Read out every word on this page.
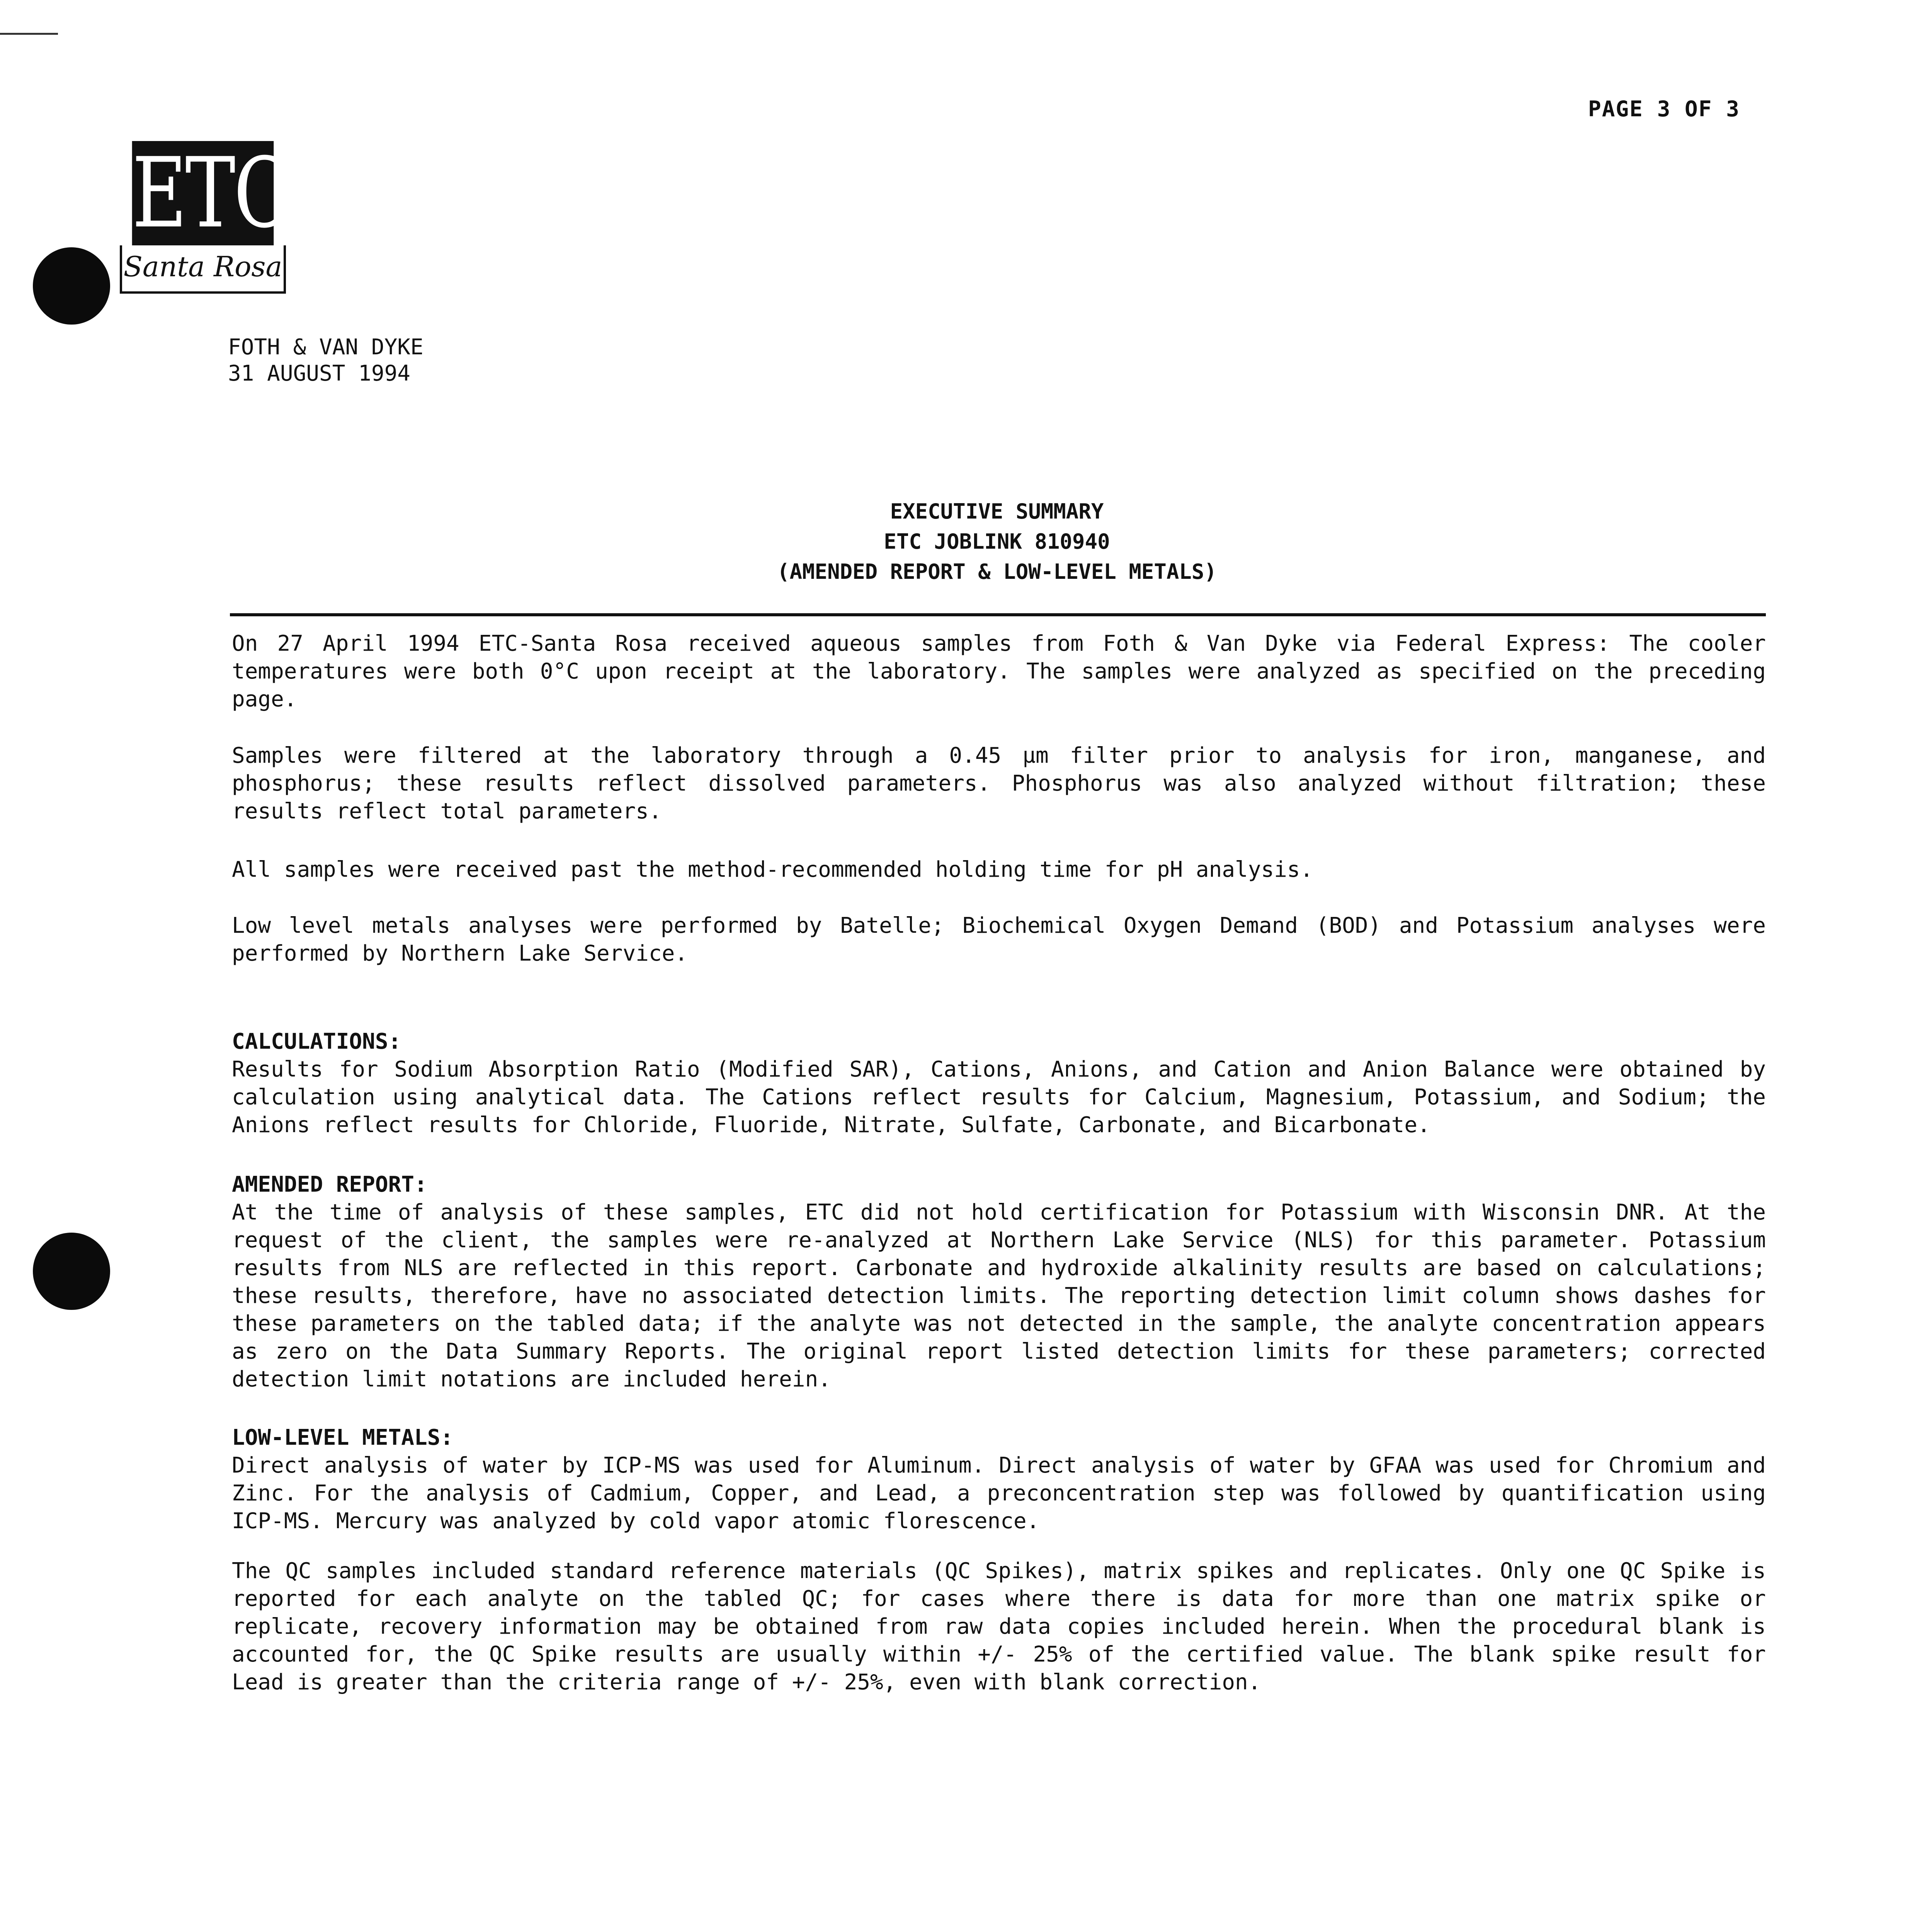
PAGE 3 OF 3
ETC
Santa Rosa
FOTH & VAN DYKE
31 AUGUST 1994
EXECUTIVE SUMMARY
ETC JOBLINK 810940
(AMENDED REPORT & LOW-LEVEL METALS)
On 27 April 1994 ETC-Santa Rosa received aqueous samples from Foth & Van Dyke via Federal Express: The cooler temperatures were both 0°C upon receipt at the laboratory. The samples were analyzed as specified on the preceding page.
Samples were filtered at the laboratory through a 0.45 µm filter prior to analysis for iron, manganese, and phosphorus; these results reflect dissolved parameters. Phosphorus was also analyzed without filtration; these results reflect total parameters.
All samples were received past the method-recommended holding time for pH analysis.
Low level metals analyses were performed by Batelle; Biochemical Oxygen Demand (BOD) and Potassium analyses were performed by Northern Lake Service.
CALCULATIONS:
Results for Sodium Absorption Ratio (Modified SAR), Cations, Anions, and Cation and Anion Balance were obtained by calculation using analytical data. The Cations reflect results for Calcium, Magnesium, Potassium, and Sodium; the Anions reflect results for Chloride, Fluoride, Nitrate, Sulfate, Carbonate, and Bicarbonate.
AMENDED REPORT:
At the time of analysis of these samples, ETC did not hold certification for Potassium with Wisconsin DNR. At the request of the client, the samples were re-analyzed at Northern Lake Service (NLS) for this parameter. Potassium results from NLS are reflected in this report. Carbonate and hydroxide alkalinity results are based on calculations; these results, therefore, have no associated detection limits. The reporting detection limit column shows dashes for these parameters on the tabled data; if the analyte was not detected in the sample, the analyte concentration appears as zero on the Data Summary Reports. The original report listed detection limits for these parameters; corrected detection limit notations are included herein.
LOW-LEVEL METALS:
Direct analysis of water by ICP-MS was used for Aluminum. Direct analysis of water by GFAA was used for Chromium and Zinc. For the analysis of Cadmium, Copper, and Lead, a preconcentration step was followed by quantification using ICP-MS. Mercury was analyzed by cold vapor atomic florescence.
The QC samples included standard reference materials (QC Spikes), matrix spikes and replicates. Only one QC Spike is reported for each analyte on the tabled QC; for cases where there is data for more than one matrix spike or replicate, recovery information may be obtained from raw data copies included herein. When the procedural blank is accounted for, the QC Spike results are usually within +/- 25% of the certified value. The blank spike result for Lead is greater than the criteria range of +/- 25%, even with blank correction.
